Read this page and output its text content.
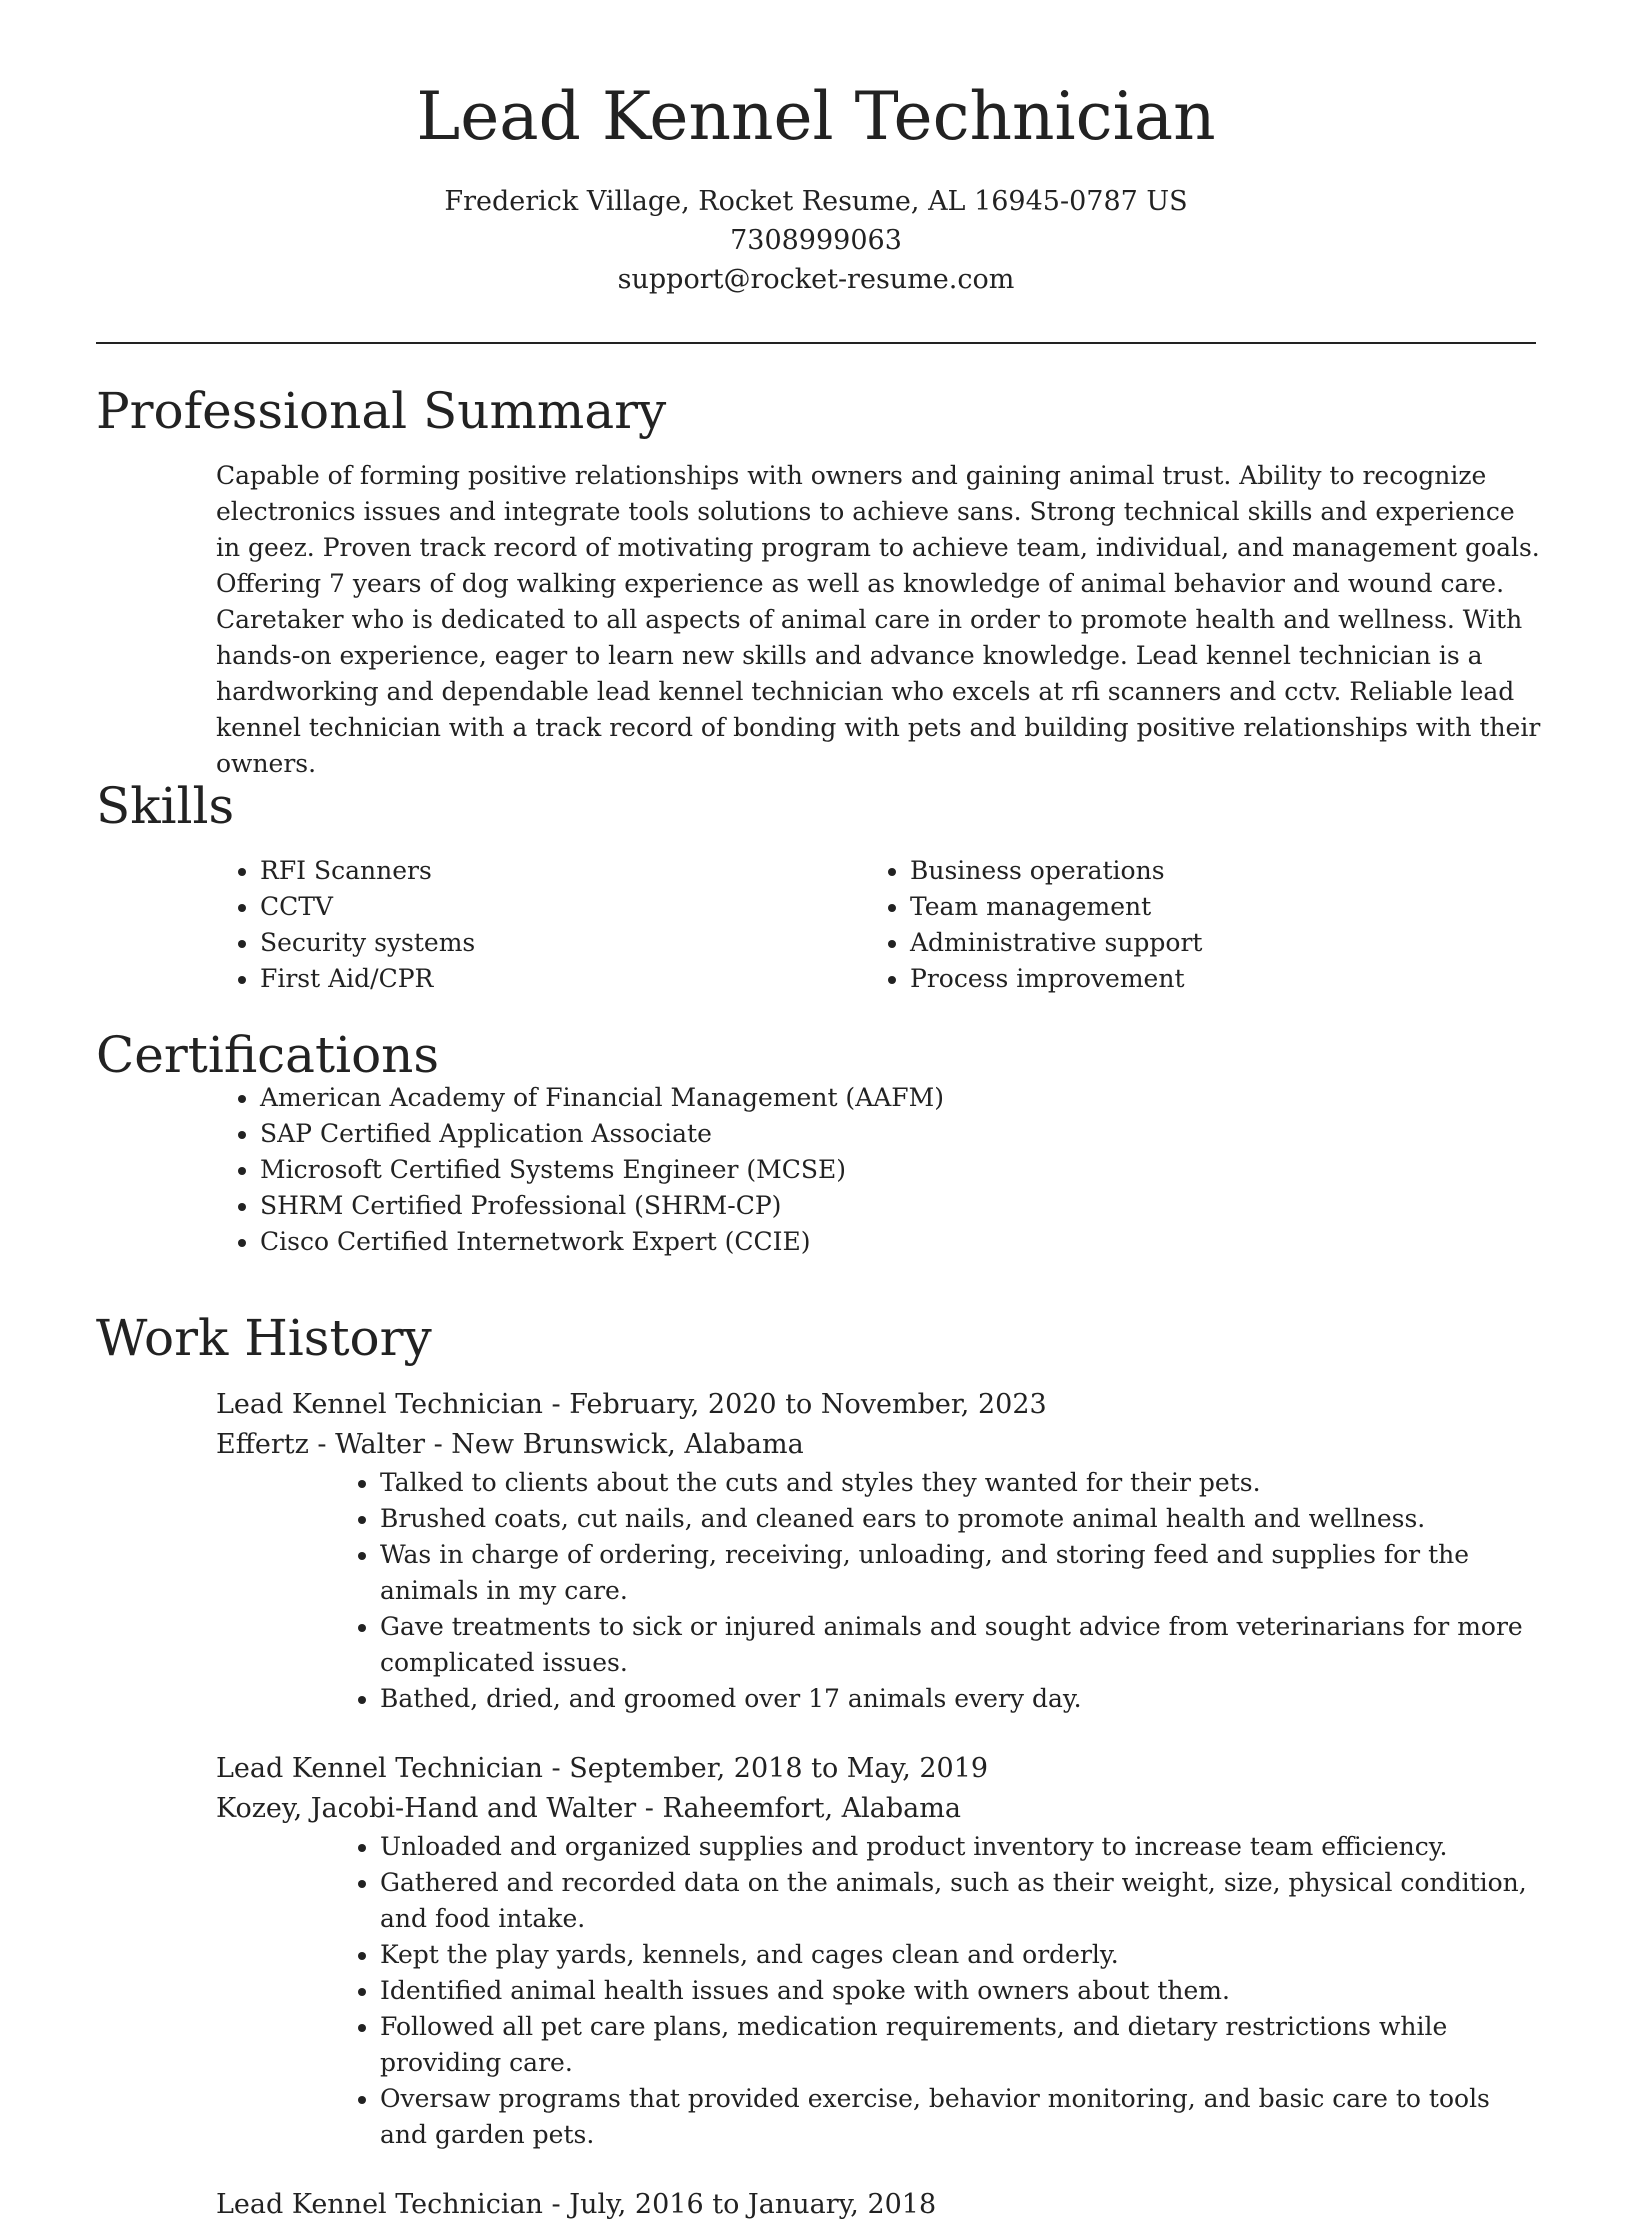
Lead Kennel Technician
Frederick Village, Rocket Resume, AL 16945-0787 US
7308999063
support@rocket-resume.com
Professional Summary
Capable of forming positive relationships with owners and gaining animal trust. Ability to recognize electronics issues and integrate tools solutions to achieve sans. Strong technical skills and experience in geez. Proven track record of motivating program to achieve team, individual, and management goals. Offering 7 years of dog walking experience as well as knowledge of animal behavior and wound care. Caretaker who is dedicated to all aspects of animal care in order to promote health and wellness. With hands-on experience, eager to learn new skills and advance knowledge. Lead kennel technician is a hardworking and dependable lead kennel technician who excels at rfi scanners and cctv. Reliable lead kennel technician with a track record of bonding with pets and building positive relationships with their owners.
Skills
• RFI Scanners
• CCTV
• Security systems
• First Aid/CPR
• Business operations
• Team management
• Administrative support
• Process improvement
Certifications
• American Academy of Financial Management (AAFM)
• SAP Certified Application Associate
• Microsoft Certified Systems Engineer (MCSE)
• SHRM Certified Professional (SHRM-CP)
• Cisco Certified Internetwork Expert (CCIE)
Work History
Lead Kennel Technician - February, 2020 to November, 2023
Effertz - Walter - New Brunswick, Alabama
• Talked to clients about the cuts and styles they wanted for their pets.
• Brushed coats, cut nails, and cleaned ears to promote animal health and wellness.
• Was in charge of ordering, receiving, unloading, and storing feed and supplies for the animals in my care.
• Gave treatments to sick or injured animals and sought advice from veterinarians for more complicated issues.
• Bathed, dried, and groomed over 17 animals every day.
Lead Kennel Technician - September, 2018 to May, 2019
Kozey, Jacobi-Hand and Walter - Raheemfort, Alabama
• Unloaded and organized supplies and product inventory to increase team efficiency.
• Gathered and recorded data on the animals, such as their weight, size, physical condition, and food intake.
• Kept the play yards, kennels, and cages clean and orderly.
• Identified animal health issues and spoke with owners about them.
• Followed all pet care plans, medication requirements, and dietary restrictions while providing care.
• Oversaw programs that provided exercise, behavior monitoring, and basic care to tools and garden pets.
Lead Kennel Technician - July, 2016 to January, 2018
